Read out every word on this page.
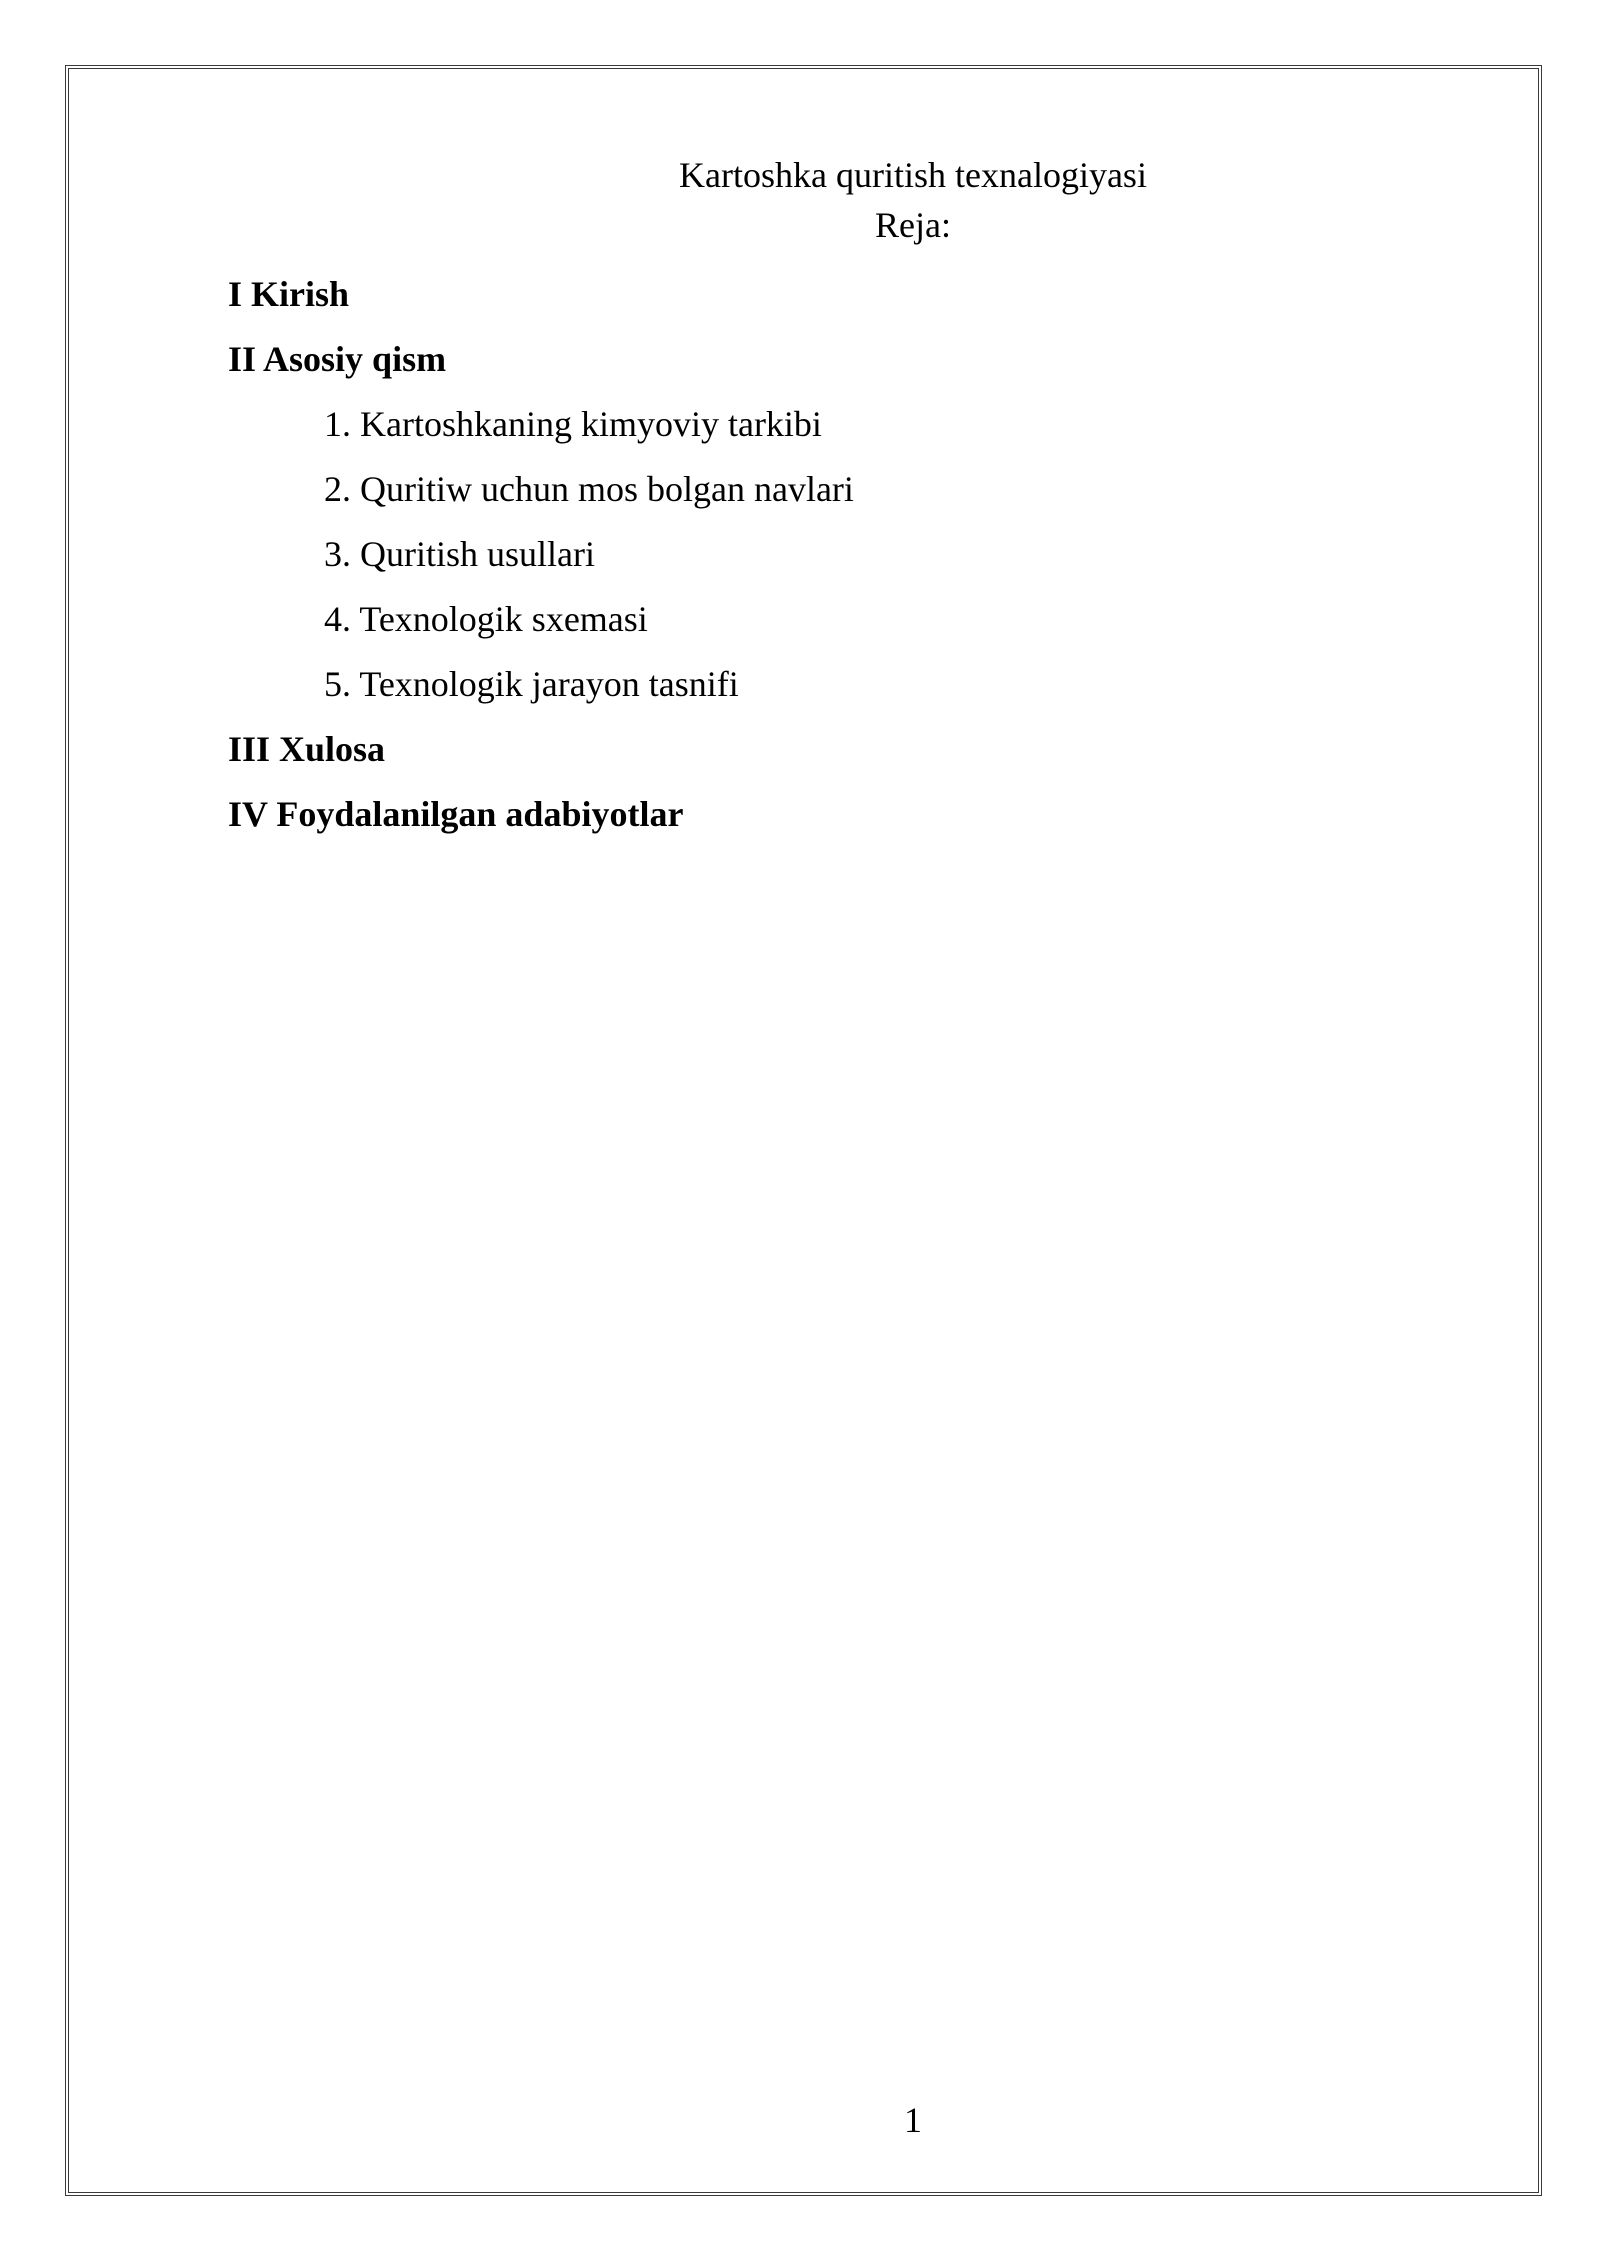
Kartoshka quritish texnalogiyasi
Reja:
I Kirish
II Asosiy qism
1. Kartoshkaning kimyoviy tarkibi
2. Quritiw uchun mos bolgan navlari
3. Quritish usullari
4. Texnologik sxemasi
5. Texnologik jarayon tasnifi
III Xulosa
IV Foydalanilgan adabiyotlar
1
